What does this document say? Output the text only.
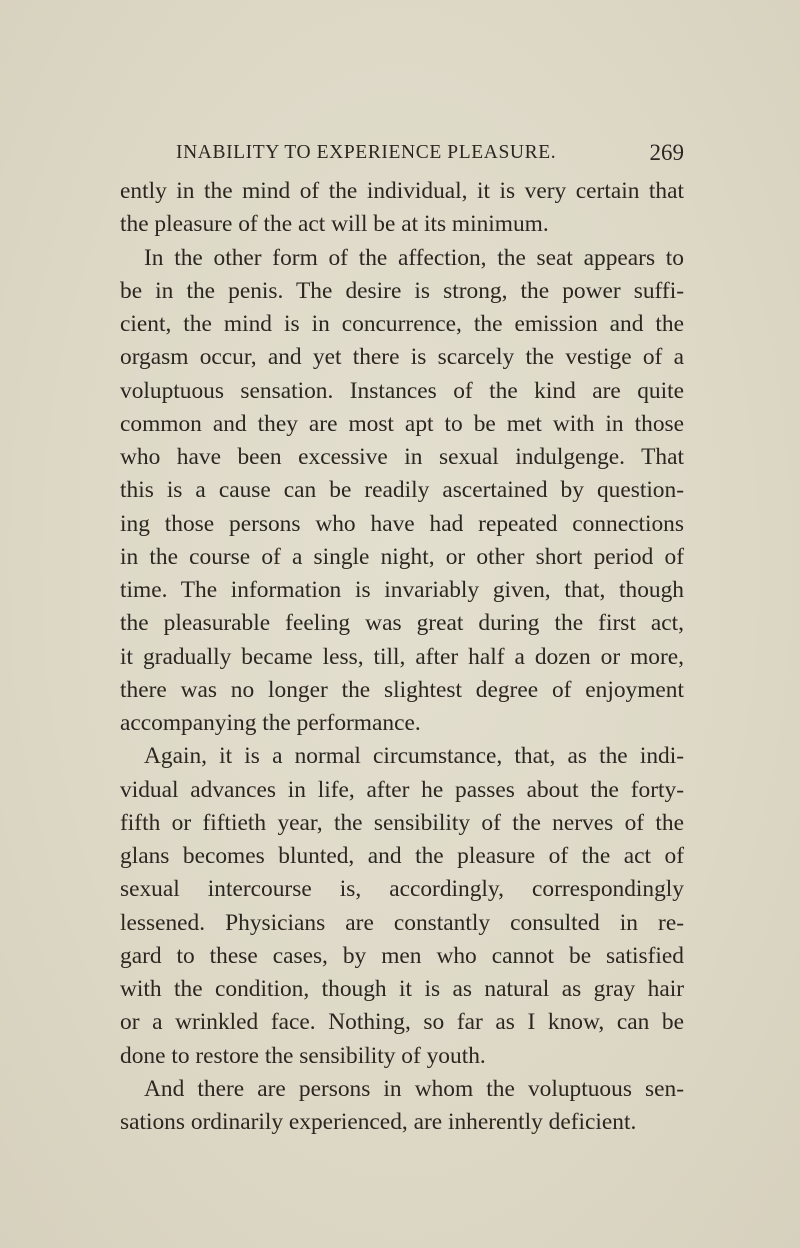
INABILITY TO EXPERIENCE PLEASURE.	269
ently in the mind of the individual, it is very certain that
the pleasure of the act will be at its minimum.
In the other form of the affection, the seat appears to
be in the penis. The desire is strong, the power suffi-
cient, the mind is in concurrence, the emission and the
orgasm occur, and yet there is scarcely the vestige of a
voluptuous sensation. Instances of the kind are quite
common and they are most apt to be met with in those
who have been excessive in sexual indulgenge. That
this is a cause can be readily ascertained by question-
ing those persons who have had repeated connections
in the course of a single night, or other short period of
time. The information is invariably given, that, though
the pleasurable feeling was great during the first act,
it gradually became less, till, after half a dozen or more,
there was no longer the slightest degree of enjoyment
accompanying the performance.
Again, it is a normal circumstance, that, as the indi-
vidual advances in life, after he passes about the forty-
fifth or fiftieth year, the sensibility of the nerves of the
glans becomes blunted, and the pleasure of the act of
sexual intercourse is, accordingly, correspondingly
lessened. Physicians are constantly consulted in re-
gard to these cases, by men who cannot be satisfied
with the condition, though it is as natural as gray hair
or a wrinkled face. Nothing, so far as I know, can be
done to restore the sensibility of youth.
And there are persons in whom the voluptuous sen-
sations ordinarily experienced, are inherently deficient.
